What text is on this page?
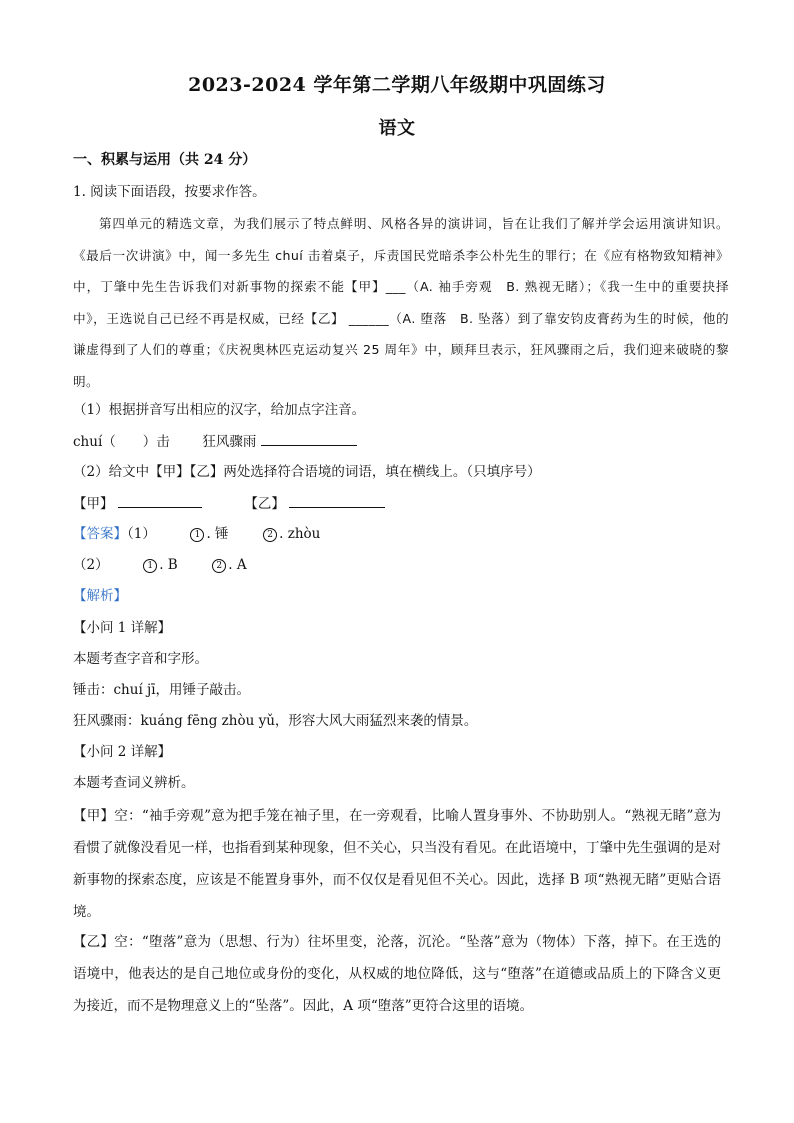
2023-2024 学年第二学期八年级期中巩固练习
语文
一、积累与运用（共 24 分）
1. 阅读下面语段，按要求作答。
第四单元的精选文章，为我们展示了特点鲜明、风格各异的演讲词，旨在让我们了解并学会运用演讲知识。《最后一次讲演》中，闻一多先生 chuí 击着桌子，斥责国民党暗杀李公朴先生的罪行；在《应有格物致知精神》中，丁肇中先生告诉我们对新事物的探索不能【甲】___（A. 袖手旁观　B. 熟视无睹）；《我一生中的重要抉择中》，王选说自己已经不再是权威，已经【乙】 ______（A. 堕落　B. 坠落）到了靠安钧皮膏药为生的时候，他的谦虚得到了人们的尊重；《庆祝奥林匹克运动复兴 25 周年》中，顾拜旦表示，狂风骤雨之后，我们迎来破晓的黎明。
（1）根据拼音写出相应的汉字，给加点字注音。
chuí（　　）击 狂风骤雨
（2）给文中【甲】【乙】两处选择符合语境的词语，填在横线上。（只填序号）
【甲】	【乙】
【答案】（1）	1 . 锤	2 . zhòu
（2）	1 . B	2 . A
【解析】
【小问 1 详解】
本题考查字音和字形。
锤击：chuí jī，用锤子敲击。
狂风骤雨：kuáng fēng zhòu yǔ，形容大风大雨猛烈来袭的情景。
【小问 2 详解】
本题考查词义辨析。
【甲】空：“袖手旁观”意为把手笼在袖子里，在一旁观看，比喻人置身事外、不协助别人。“熟视无睹”意为看惯了就像没看见一样，也指看到某种现象，但不关心，只当没有看见。在此语境中，丁肇中先生强调的是对新事物的探索态度，应该是不能置身事外，而不仅仅是看见但不关心。因此，选择 B 项“熟视无睹”更贴合语境。
【乙】空：“堕落”意为（思想、行为）往坏里变，沦落，沉沦。“坠落”意为（物体）下落，掉下。在王选的语境中，他表达的是自己地位或身份的变化，从权威的地位降低，这与“堕落”在道德或品质上的下降含义更为接近，而不是物理意义上的“坠落”。因此，A 项“堕落”更符合这里的语境。
